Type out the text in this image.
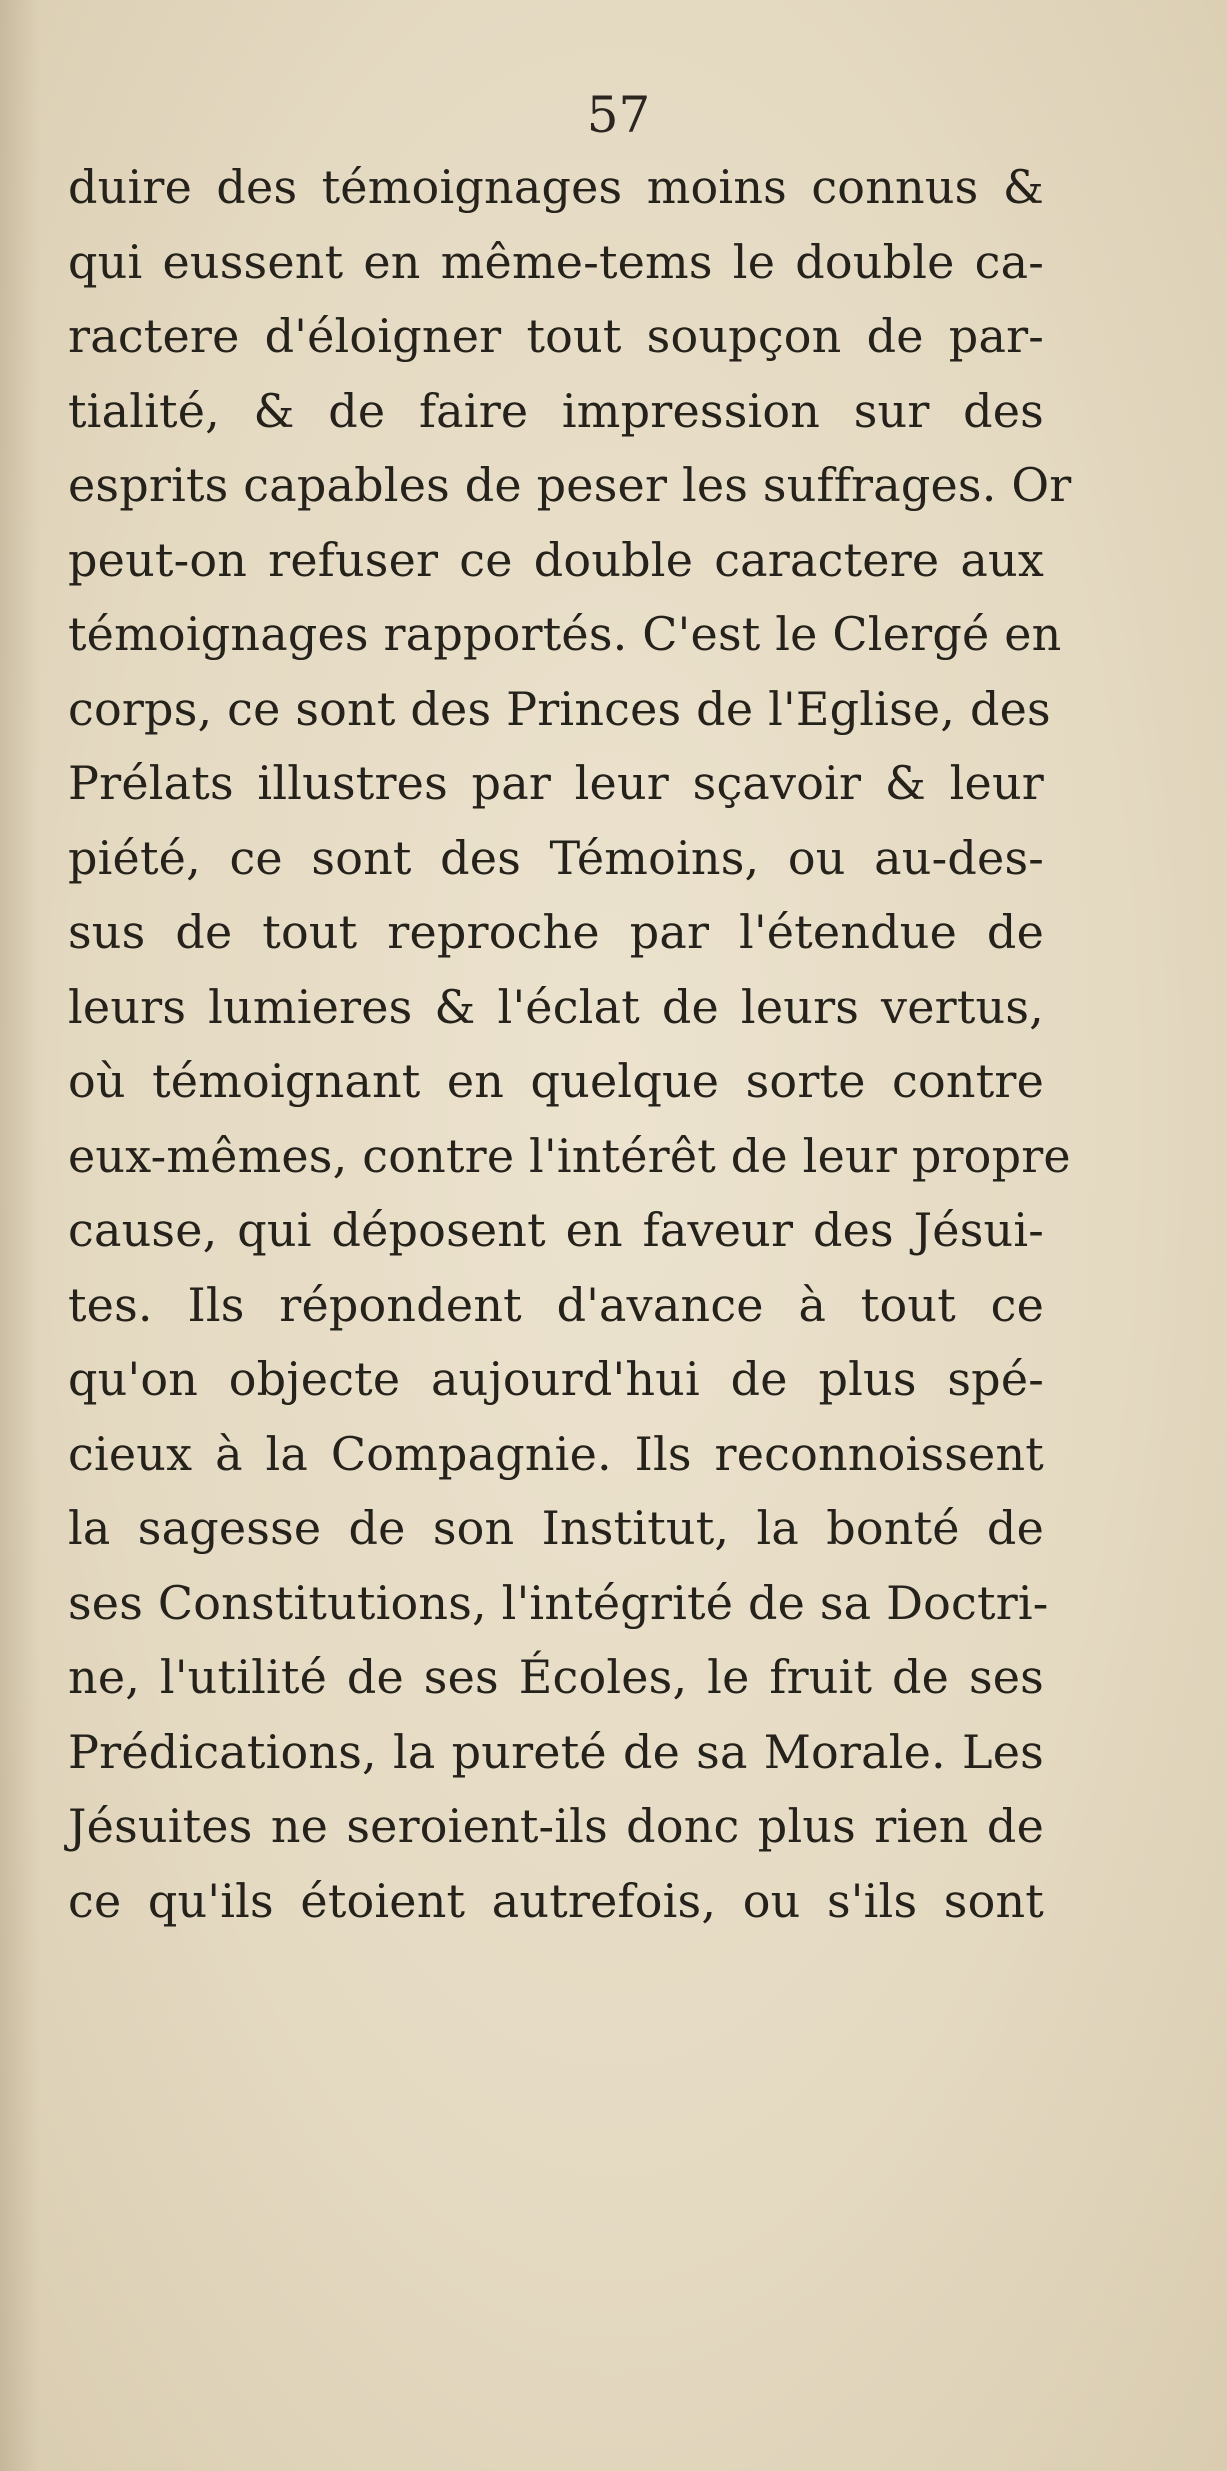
57
duire des témoignages moins connus &
qui eussent en même-tems le double ca-
ractere d'éloigner tout soupçon de par-
tialité, & de faire impression sur des
esprits capables de peser les suffrages. Or
peut-on refuser ce double caractere aux
témoignages rapportés. C'est le Clergé en
corps, ce sont des Princes de l'Eglise, des
Prélats illustres par leur sçavoir & leur
piété, ce sont des Témoins, ou au-des-
sus de tout reproche par l'étendue de
leurs lumieres & l'éclat de leurs vertus,
où témoignant en quelque sorte contre
eux-mêmes, contre l'intérêt de leur propre
cause, qui déposent en faveur des Jésui-
tes. Ils répondent d'avance à tout ce
qu'on objecte aujourd'hui de plus spé-
cieux à la Compagnie. Ils reconnoissent
la sagesse de son Institut, la bonté de
ses Constitutions, l'intégrité de sa Doctri-
ne, l'utilité de ses Écoles, le fruit de ses
Prédications, la pureté de sa Morale. Les
Jésuites ne seroient-ils donc plus rien de
ce qu'ils étoient autrefois, ou s'ils sont
